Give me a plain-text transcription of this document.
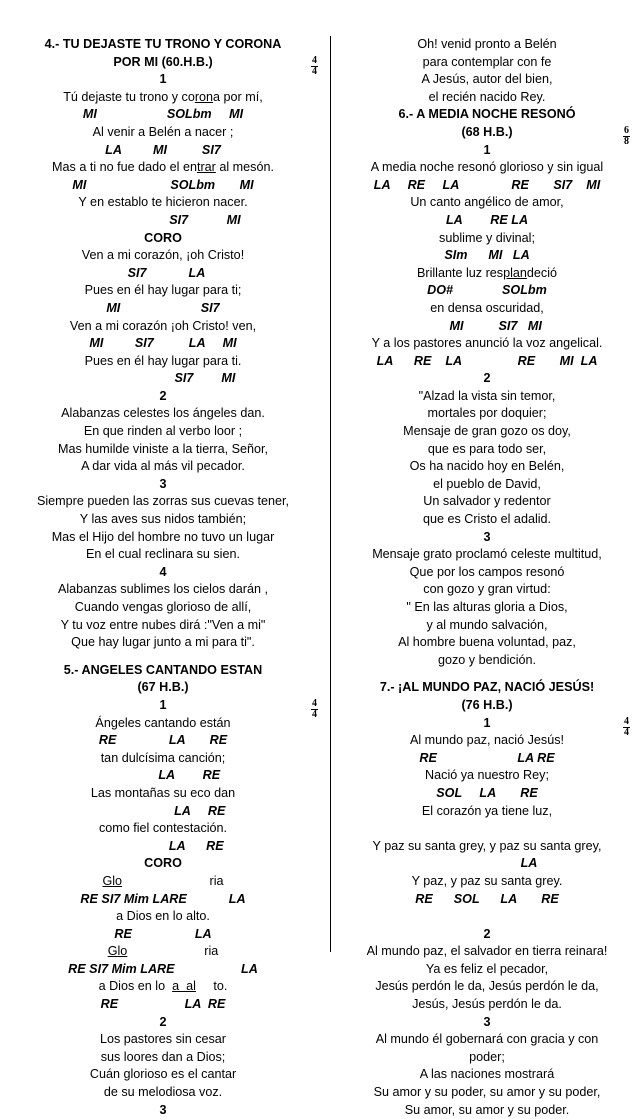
4.- TU DEJASTE TU TRONO Y CORONA
POR MI (60.H.B.)	$\frac{4}{4}$
1
Tú dejaste tu trono y corona por mí,
MI                    SOLbm     MI
Al venir a Belén a nacer ;
LA         MI          SI7
Mas a ti no fue dado el entrar al mesón.
MI                        SOLbm       MI
Y en establo te hicieron nacer.
SI7           MI
CORO
Ven a mi corazón, ¡oh Cristo!
SI7            LA
Pues en él hay lugar para ti;
MI                       SI7
Ven a mi corazón ¡oh Cristo! ven,
MI         SI7          LA     MI
Pues en él hay lugar para ti.
SI7        MI
2
Alabanzas celestes los ángeles dan.
En que rinden al verbo loor ;
Mas humilde viniste a la tierra, Señor,
A dar vida al más vil pecador.
3
Siempre pueden las zorras sus cuevas tener,
Y las aves sus nidos también;
Mas el Hijo del hombre no tuvo un lugar
En el cual reclinara su sien.
4
Alabanzas sublimes los cielos darán ,
Cuando vengas glorioso de allí,
Y tu voz entre nubes dirá :"Ven a mi"
Que hay lugar junto a mi para ti".
5.- ANGELES CANTANDO ESTAN
(67 H.B.)
1	$\frac{4}{4}$
Ángeles cantando están
RE               LA       RE
tan dulcísima canción;
LA        RE
Las montañas su eco dan
LA     RE
como fiel contestación.
LA      RE
CORO
Glo                         ria
RE SI7 Mim LARE            LA
a Dios en lo alto.
RE                  LA
Glo                      ria
RE SI7 Mim LARE                   LA
a Dios en lo  a  al     to.
RE                   LA  RE
2
Los pastores sin cesar
sus loores dan a Dios;
Cuán glorioso es el cantar
de su melodiosa voz.
3
Oh! venid pronto a Belén
para contemplar con fe
A Jesús, autor del bien,
el recién nacido Rey.
6.- A MEDIA NOCHE RESONÓ
(68 H.B.)	$\frac{6}{8}$
1
A media noche resonó glorioso y sin igual
LA     RE     LA               RE       SI7    MI
Un canto angélico de amor,
LA        RE LA
sublime y divinal;
SIm      MI   LA
Brillante luz resplandeció
DO#              SOLbm
en densa oscuridad,
MI          SI7   MI
Y a los pastores anunció la voz angelical.
LA      RE    LA                RE       MI  LA
2
"Alzad la vista sin temor,
mortales por doquier;
Mensaje de gran gozo os doy,
que es para todo ser,
Os ha nacido hoy en Belén,
el pueblo de David,
Un salvador y redentor
que es Cristo el adalid.
3
Mensaje grato proclamó celeste multitud,
Que por los campos resonó
con gozo y gran virtud:
" En las alturas gloria a Dios,
y al mundo salvación,
Al hombre buena voluntad, paz,
gozo y bendición.
7.- ¡AL MUNDO PAZ, NACIÓ JESÚS!
(76 H.B.)
1	$\frac{4}{4}$
Al mundo paz, nació Jesús!
RE                       LA RE
Nació ya nuestro Rey;
SOL     LA       RE
El corazón ya tiene luz,
Y paz su santa grey, y paz su santa grey,
LA
Y paz, y paz su santa grey.
RE      SOL      LA       RE
2
Al mundo paz, el salvador en tierra reinara!
Ya es feliz el pecador,
Jesús perdón le da, Jesús perdón le da,
Jesús, Jesús perdón le da.
3
Al mundo él gobernará con gracia y con
poder;
A las naciones mostrará
Su amor y su poder, su amor y su poder,
Su amor, su amor y su poder.
